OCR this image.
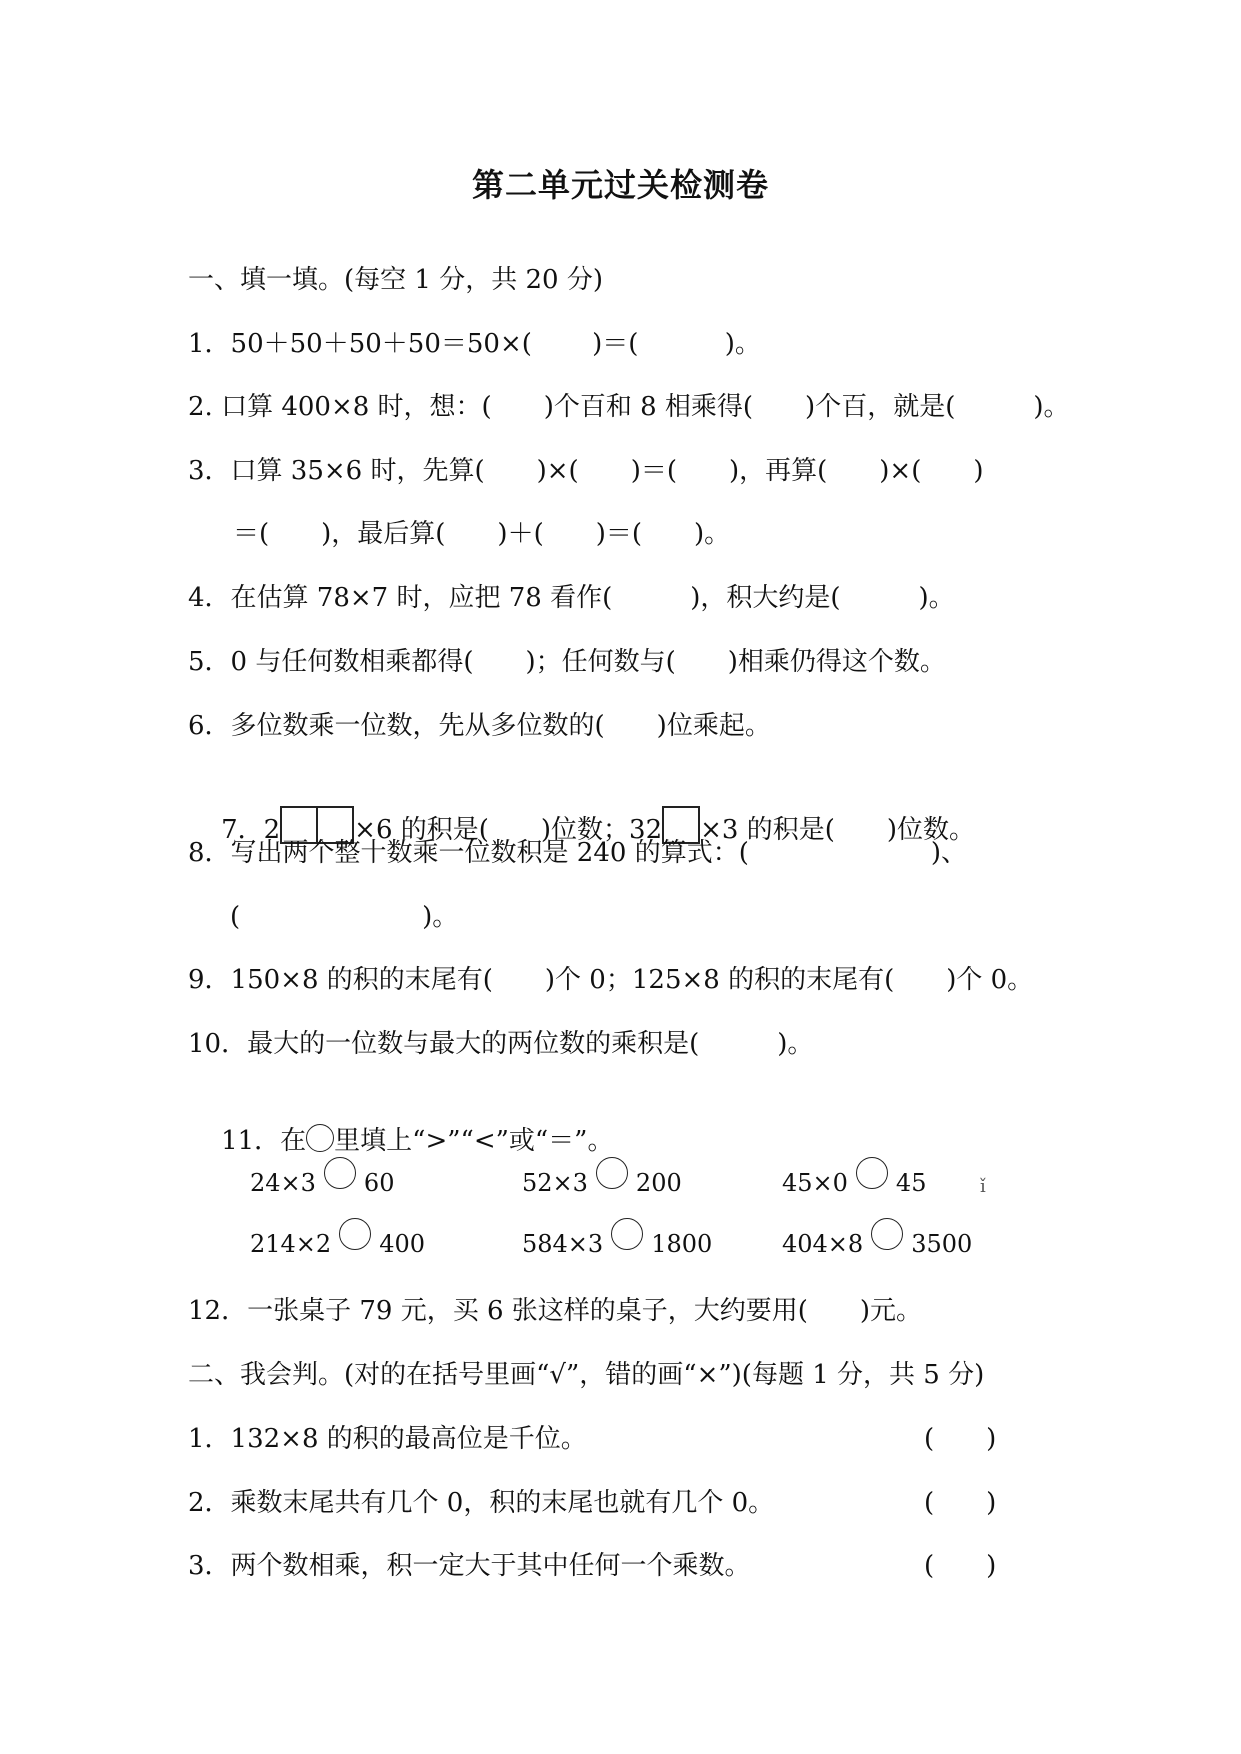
第二单元过关检测卷
一、填一填。(每空 1 分，共 20 分)
1．50＋50＋50＋50＝50×(　　 )＝(　　　 )。
2. 口算 400×8 时，想：(　　)个百和 8 相乘得(　　)个百，就是(　　　)。
3．口算 35×6 时，先算(　　)×(　　)＝(　　)，再算(　　)×(　　)
＝(　　)，最后算(　　)＋(　　)＝(　　)。
4．在估算 78×7 时，应把 78 看作(　　　)，积大约是(　　　)。
5．0 与任何数相乘都得(　　)；任何数与(　　)相乘仍得这个数。
6．多位数乘一位数，先从多位数的(　　)位乘起。

7．2	×6 的积是(　　)位数；32 ×3 的积是(　　)位数。

8．写出两个整十数乘一位数积是 240 的算式：(　　　　　　　)、
(　　　　　　　)。
9．150×8 的积的末尾有(　　)个 0；125×8 的积的末尾有(　　)个 0。
10．最大的一位数与最大的两位数的乘积是(　　　)。

11．在 里填上“>”“<”或“＝”。

24×3 60	52×3 200	45×0 45	ǐ
214×2 400	584×3 1800	404×8 3500
12．一张桌子 79 元，买 6 张这样的桌子，大约要用(　　)元。
二、我会判。(对的在括号里画“√”，错的画“×”)(每题 1 分，共 5 分)
1．132×8 的积的最高位是千位。	(　　)
2．乘数末尾共有几个 0，积的末尾也就有几个 0。	(　　)
3．两个数相乘，积一定大于其中任何一个乘数。	(　　)
